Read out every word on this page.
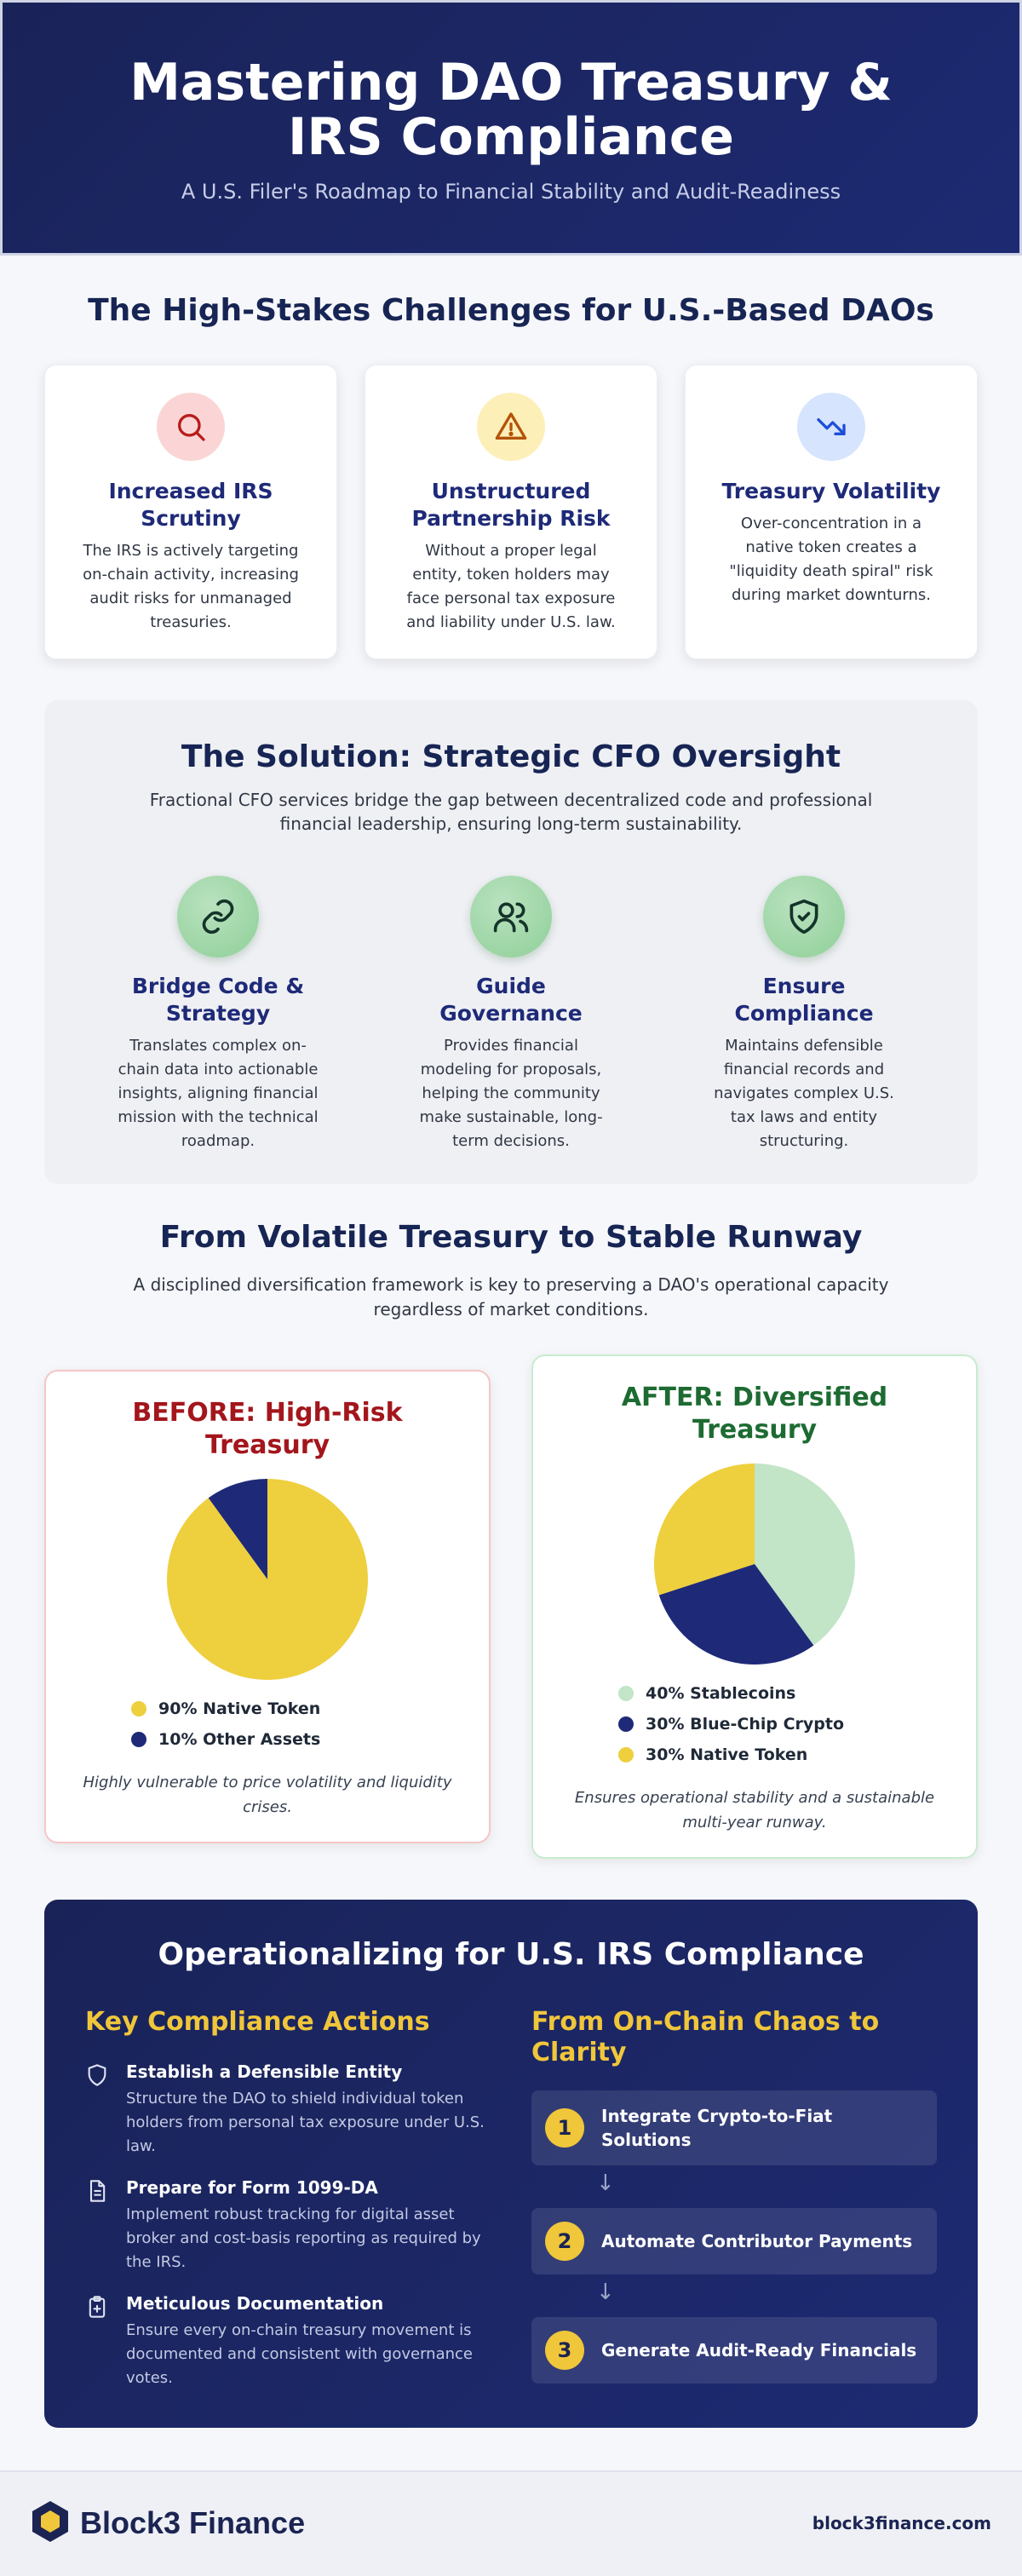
Mastering DAO Treasury & IRS Compliance

A U.S. Filer's Roadmap to Financial Stability and Audit-Readiness

The High-Stakes Challenges for U.S.-Based DAOs
Increased IRS Scrutiny

The IRS is actively targeting on-chain activity, increasing audit risks for unmanaged treasuries.

Unstructured Partnership Risk

Without a proper legal entity, token holders may face personal tax exposure and liability under U.S. law.

Treasury Volatility

Over-concentration in a native token creates a "liquidity death spiral" risk during market downturns.

The Solution: Strategic CFO Oversight

Fractional CFO services bridge the gap between decentralized code and professional financial leadership, ensuring long-term sustainability.

Bridge Code & Strategy

Translates complex on-chain data into actionable insights, aligning financial mission with the technical roadmap.

Guide Governance

Provides financial modeling for proposals, helping the community make sustainable, long-term decisions.

Ensure Compliance

Maintains defensible financial records and navigates complex U.S. tax laws and entity structuring.

From Volatile Treasury to Stable Runway
A disciplined diversification framework is key to preserving a DAO's operational capacity regardless of market conditions.
BEFORE: High-Risk Treasury
90% Native Token
10% Other Assets

Highly vulnerable to price volatility and liquidity crises.

AFTER: Diversified Treasury
40% Stablecoins
30% Blue-Chip Crypto
30% Native Token

Ensures operational stability and a sustainable multi-year runway.

Operationalizing for U.S. IRS Compliance
Key Compliance Actions	From On-Chain Chaos to Clarity
Establish a Defensible Entity

Structure the DAO to shield individual token holders from personal tax exposure under U.S. law.

Prepare for Form 1099-DA

Implement robust tracking for digital asset broker and cost-basis reporting as required by the IRS.

Meticulous Documentation

Ensure every on-chain treasury movement is documented and consistent with governance votes.

1	Integrate Crypto-to-Fiat Solutions
↓
2	Automate Contributor Payments
↓
3	Generate Audit-Ready Financials
Block3 Finance	block3finance.com
